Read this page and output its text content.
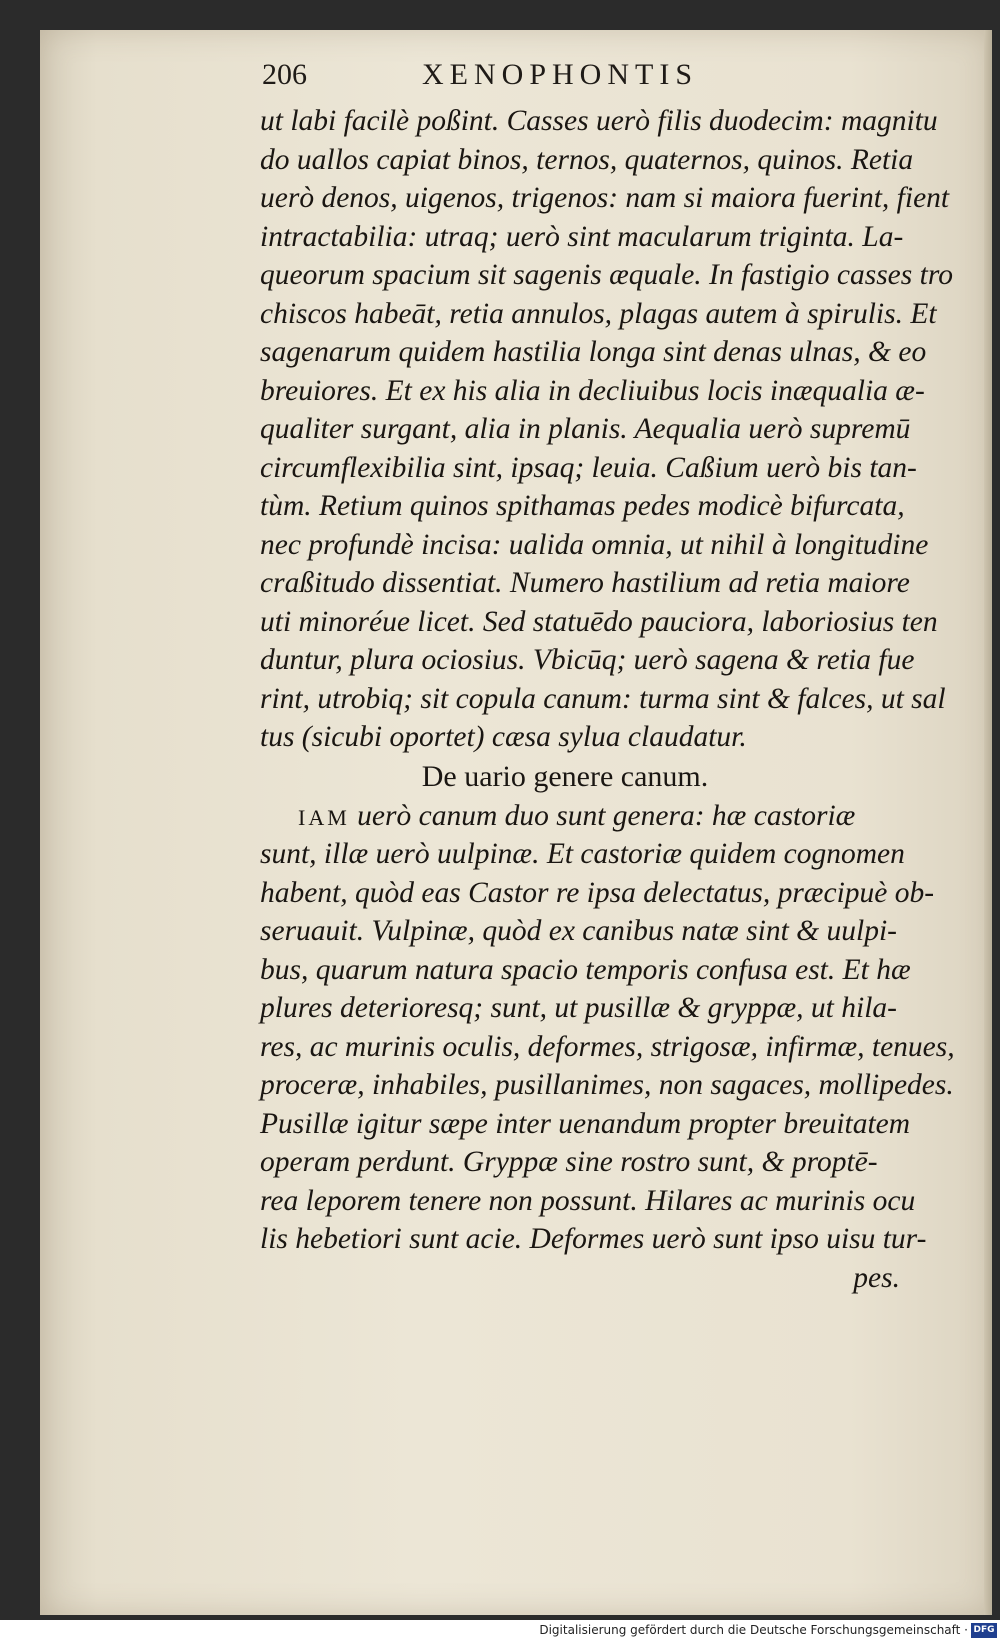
206	XENOPHONTIS
ut labi facilè poßint. Casses uerò filis duodecim: magnitu
do uallos capiat binos, ternos, quaternos, quinos. Retia
uerò denos, uigenos, trigenos: nam si maiora fuerint, fient
intractabilia: utraq; uerò sint macularum triginta. La-
queorum spacium sit sagenis æquale. In fastigio casses tro
chiscos habeāt, retia annulos, plagas autem à spirulis. Et
sagenarum quidem hastilia longa sint denas ulnas, & eo
breuiores. Et ex his alia in decliuibus locis inæqualia æ-
qualiter surgant, alia in planis. Aequalia uerò supremū
circumflexibilia sint, ipsaq; leuia. Caßium uerò bis tan-
tùm. Retium quinos spithamas pedes modicè bifurcata,
nec profundè incisa: ualida omnia, ut nihil à longitudine
craßitudo dissentiat. Numero hastilium ad retia maiore
uti minoréue licet. Sed statuēdo pauciora, laboriosius ten
duntur, plura ociosius. Vbicūq; uerò sagena & retia fue
rint, utrobiq; sit copula canum: turma sint & falces, ut sal
tus (sicubi oportet) cæsa sylua claudatur.
De uario genere canum.
IAM uerò canum duo sunt genera: hæ castoriæ
sunt, illæ uerò uulpinæ. Et castoriæ quidem cognomen
habent, quòd eas Castor re ipsa delectatus, præcipuè ob-
seruauit. Vulpinæ, quòd ex canibus natæ sint & uulpi-
bus, quarum natura spacio temporis confusa est. Et hæ
plures deterioresq; sunt, ut pusillæ & gryppæ, ut hila-
res, ac murinis oculis, deformes, strigosæ, infirmæ, tenues,
proceræ, inhabiles, pusillanimes, non sagaces, mollipedes.
Pusillæ igitur sæpe inter uenandum propter breuitatem
operam perdunt. Gryppæ sine rostro sunt, & proptē-
rea leporem tenere non possunt. Hilares ac murinis ocu
lis hebetiori sunt acie. Deformes uerò sunt ipso uisu tur-
pes.
Digitalisierung gefördert durch die Deutsche Forschungsgemeinschaft · DFG
